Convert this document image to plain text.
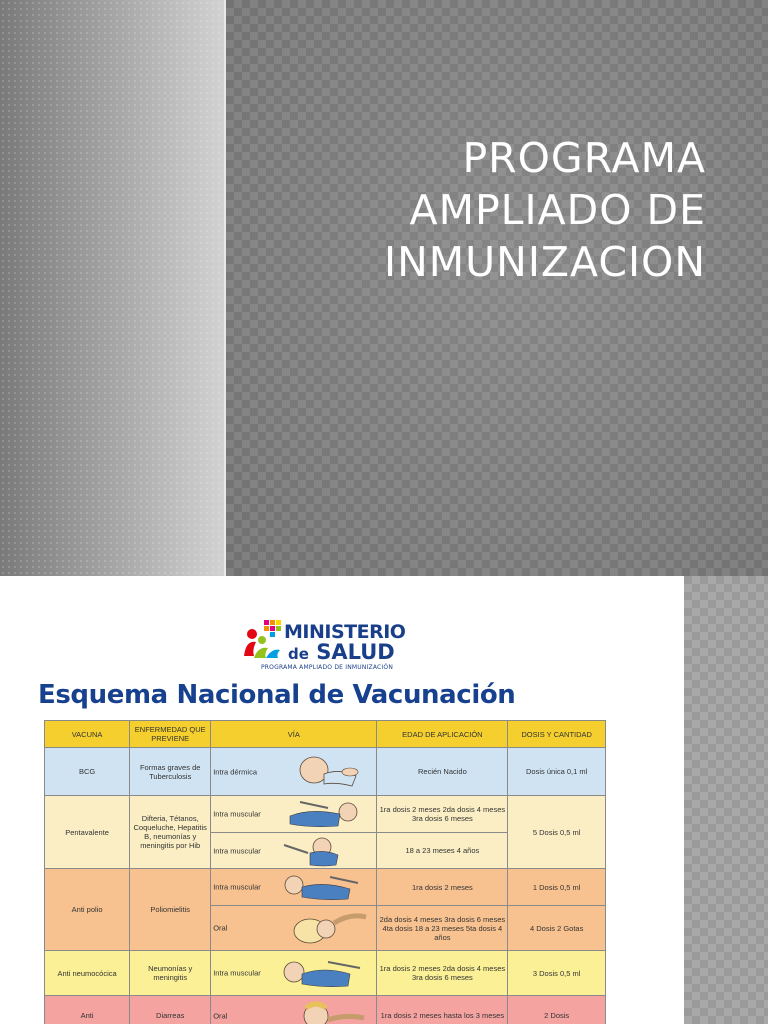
PROGRAMA
AMPLIADO DE
INMUNIZACION
MINISTERIO
de SALUD
PROGRAMA AMPLIADO DE INMUNIZACIÓN
Esquema Nacional de Vacunación
VACUNA	ENFERMEDAD QUE PREVIENE	VÍA	EDAD DE APLICACIÓN	DOSIS Y CANTIDAD
BCG	Formas graves de Tuberculosis	Intra dérmica	Recién Nacido	Dosis única 0,1 ml
Pentavalente	Difteria, Tétanos, Coqueluche, Hepatitis B, neumonías y meningitis por Hib	Intra muscular	1ra dosis 2 meses 2da dosis 4 meses 3ra dosis 6 meses	5 Dosis 0,5 ml

		Intra muscular	18 a 23 meses 4 años	
Anti polio	Poliomielitis	Intra muscular	1ra dosis 2 meses	1 Dosis 0,5 ml

		Oral	2da dosis 4 meses 3ra dosis 6 meses 4ta dosis 18 a 23 meses 5ta dosis 4 años	4 Dosis 2 Gotas
Anti neumocócica	Neumonías y meningitis	Intra muscular	1ra dosis 2 meses 2da dosis 4 meses 3ra dosis 6 meses	3 Dosis 0,5 ml
Anti	Diarreas	Oral	1ra dosis 2 meses hasta los 3 meses	2 Dosis
